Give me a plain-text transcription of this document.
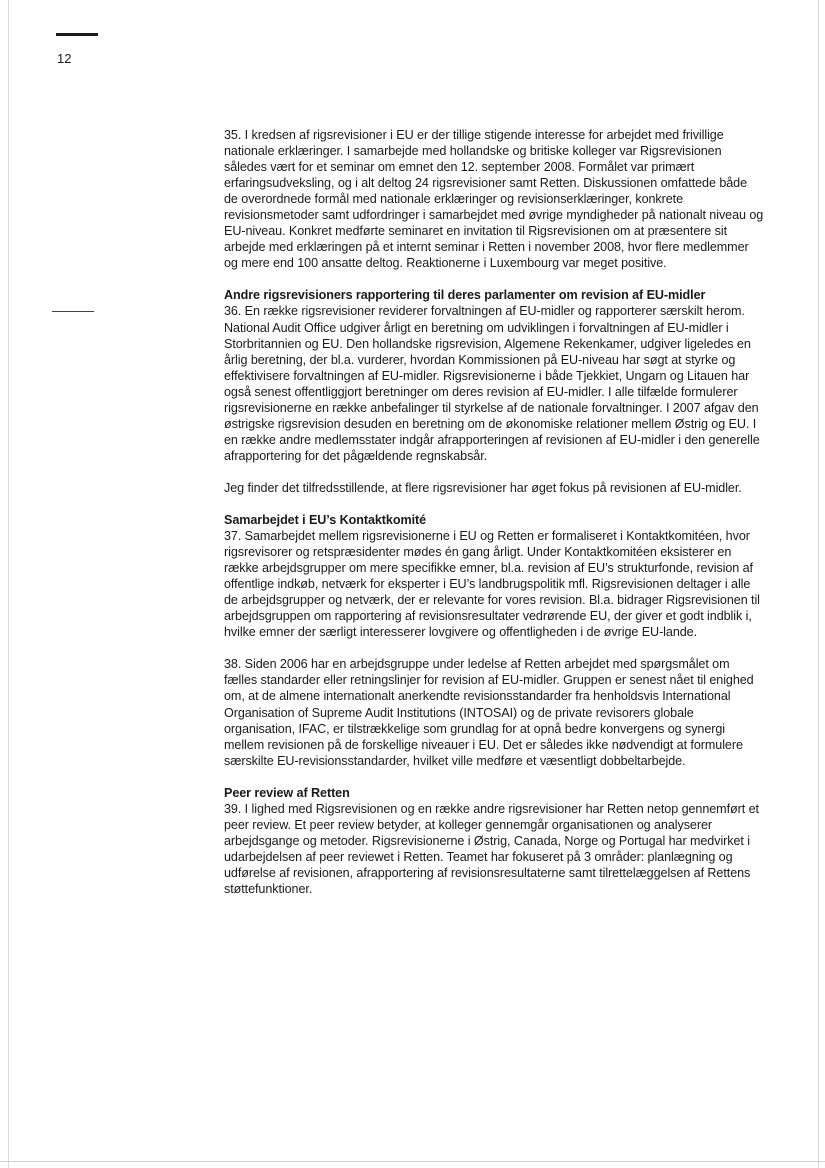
12

35. I kredsen af rigsrevisioner i EU er der tillige stigende interesse for arbejdet med frivillige nationale erklæringer. I samarbejde med hollandske og britiske kolleger var Rigsrevisionen således vært for et seminar om emnet den 12. september 2008. Formålet var primært erfaringsudveksling, og i alt deltog 24 rigsrevisioner samt Retten. Diskussionen omfattede både de overordnede formål med nationale erklæringer og revisionserklæringer, konkrete revisionsmetoder samt udfordringer i samarbejdet med øvrige myndigheder på nationalt niveau og EU-niveau. Konkret medførte seminaret en invitation til Rigsrevisionen om at præsentere sit arbejde med erklæringen på et internt seminar i Retten i november 2008, hvor flere medlemmer og mere end 100 ansatte deltog. Reaktionerne i Luxembourg var meget positive.

Andre rigsrevisioners rapportering til deres parlamenter om revision af EU-midler

36. En række rigsrevisioner reviderer forvaltningen af EU-midler og rapporterer særskilt herom. National Audit Office udgiver årligt en beretning om udviklingen i forvaltningen af EU-midler i Storbritannien og EU. Den hollandske rigsrevision, Algemene Rekenkamer, udgiver ligeledes en årlig beretning, der bl.a. vurderer, hvordan Kommissionen på EU-niveau har søgt at styrke og effektivisere forvaltningen af EU-midler. Rigsrevisionerne i både Tjekkiet, Ungarn og Litauen har også senest offentliggjort beretninger om deres revision af EU-midler. I alle tilfælde formulerer rigsrevisionerne en række anbefalinger til styrkelse af de nationale forvaltninger. I 2007 afgav den østrigske rigsrevision desuden en beretning om de økonomiske relationer mellem Østrig og EU. I en række andre medlemsstater indgår afrapporteringen af revisionen af EU-midler i den generelle afrapportering for det pågældende regnskabsår.

Jeg finder det tilfredsstillende, at flere rigsrevisioner har øget fokus på revisionen af EU-midler.

Samarbejdet i EU’s Kontaktkomité

37. Samarbejdet mellem rigsrevisionerne i EU og Retten er formaliseret i Kontaktkomitéen, hvor rigsrevisorer og retspræsidenter mødes én gang årligt. Under Kontaktkomitéen eksisterer en række arbejdsgrupper om mere specifikke emner, bl.a. revision af EU’s strukturfonde, revision af offentlige indkøb, netværk for eksperter i EU’s landbrugspolitik mfl. Rigsrevisionen deltager i alle de arbejdsgrupper og netværk, der er relevante for vores revision. Bl.a. bidrager Rigsrevisionen til arbejdsgruppen om rapportering af revisionsresultater vedrørende EU, der giver et godt indblik i, hvilke emner der særligt interesserer lovgivere og offentligheden i de øvrige EU-lande.

38. Siden 2006 har en arbejdsgruppe under ledelse af Retten arbejdet med spørgsmålet om fælles standarder eller retningslinjer for revision af EU-midler. Gruppen er senest nået til enighed om, at de almene internationalt anerkendte revisionsstandarder fra henholdsvis International Organisation of Supreme Audit Institutions (INTOSAI) og de private revisorers globale organisation, IFAC, er tilstrækkelige som grundlag for at opnå bedre konvergens og synergi mellem revisionen på de forskellige niveauer i EU. Det er således ikke nødvendigt at formulere særskilte EU-revisionsstandarder, hvilket ville medføre et væsentligt dobbeltarbejde.

Peer review af Retten

39. I lighed med Rigsrevisionen og en række andre rigsrevisioner har Retten netop gennemført et peer review. Et peer review betyder, at kolleger gennemgår organisationen og analyserer arbejdsgange og metoder. Rigsrevisionerne i Østrig, Canada, Norge og Portugal har medvirket i udarbejdelsen af peer reviewet i Retten. Teamet har fokuseret på 3 områder: planlægning og udførelse af revisionen, afrapportering af revisionsresultaterne samt tilrettelæggelsen af Rettens støttefunktioner.
